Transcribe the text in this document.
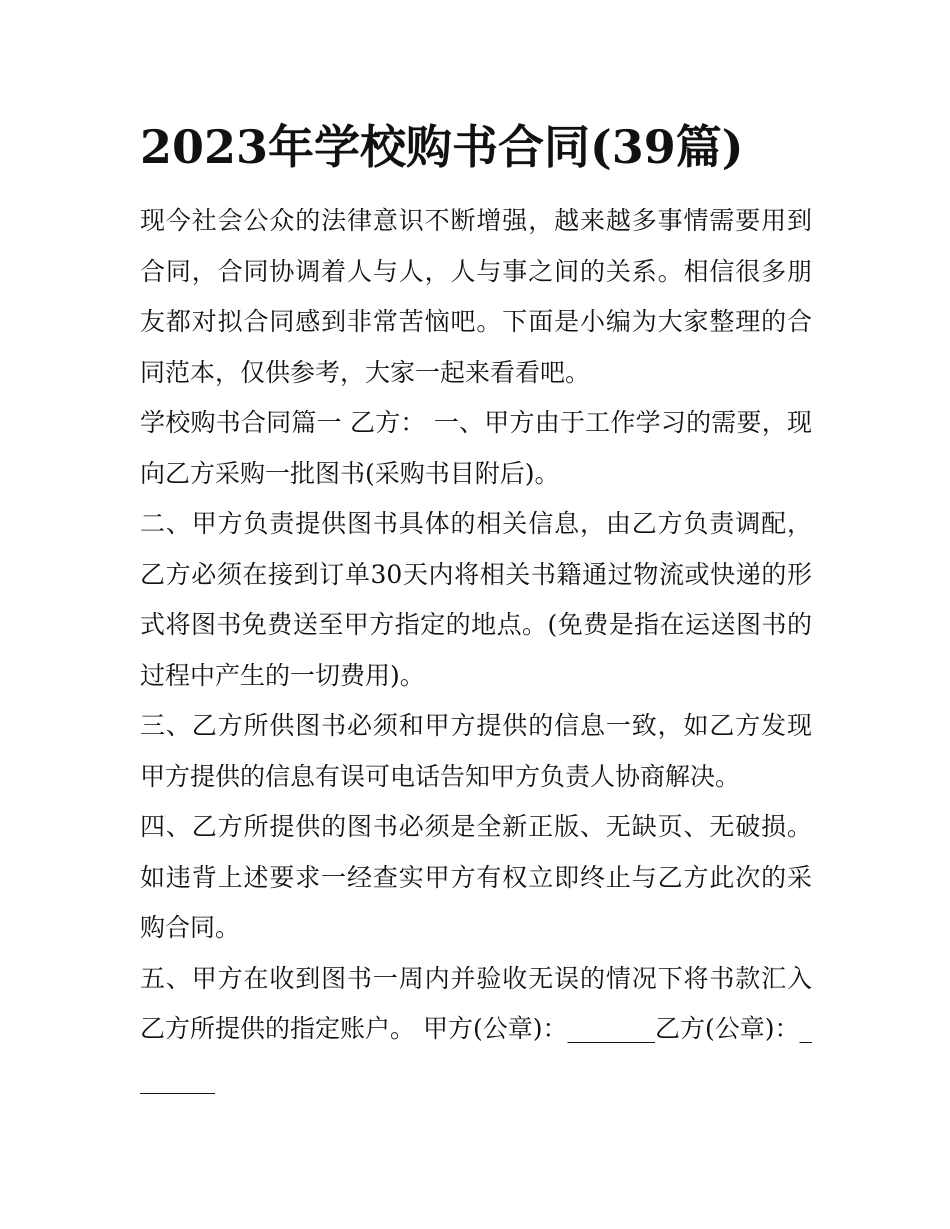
2023年学校购书合同(39篇)

现今社会公众的法律意识不断增强，越来越多事情需要用到合同，合同协调着人与人，人与事之间的关系。相信很多朋友都对拟合同感到非常苦恼吧。下面是小编为大家整理的合同范本，仅供参考，大家一起来看看吧。

学校购书合同篇一 乙方： 一、甲方由于工作学习的需要，现向乙方采购一批图书(采购书目附后)。

二、甲方负责提供图书具体的相关信息，由乙方负责调配，乙方必须在接到订单30天内将相关书籍通过物流或快递的形式将图书免费送至甲方指定的地点。(免费是指在运送图书的过程中产生的一切费用)。

三、乙方所供图书必须和甲方提供的信息一致，如乙方发现甲方提供的信息有误可电话告知甲方负责人协商解决。

四、乙方所提供的图书必须是全新正版、无缺页、无破损。如违背上述要求一经查实甲方有权立即终止与乙方此次的采购合同。

五、甲方在收到图书一周内并验收无误的情况下将书款汇入乙方所提供的指定账户。 甲方(公章)：_______乙方(公章)：_______
